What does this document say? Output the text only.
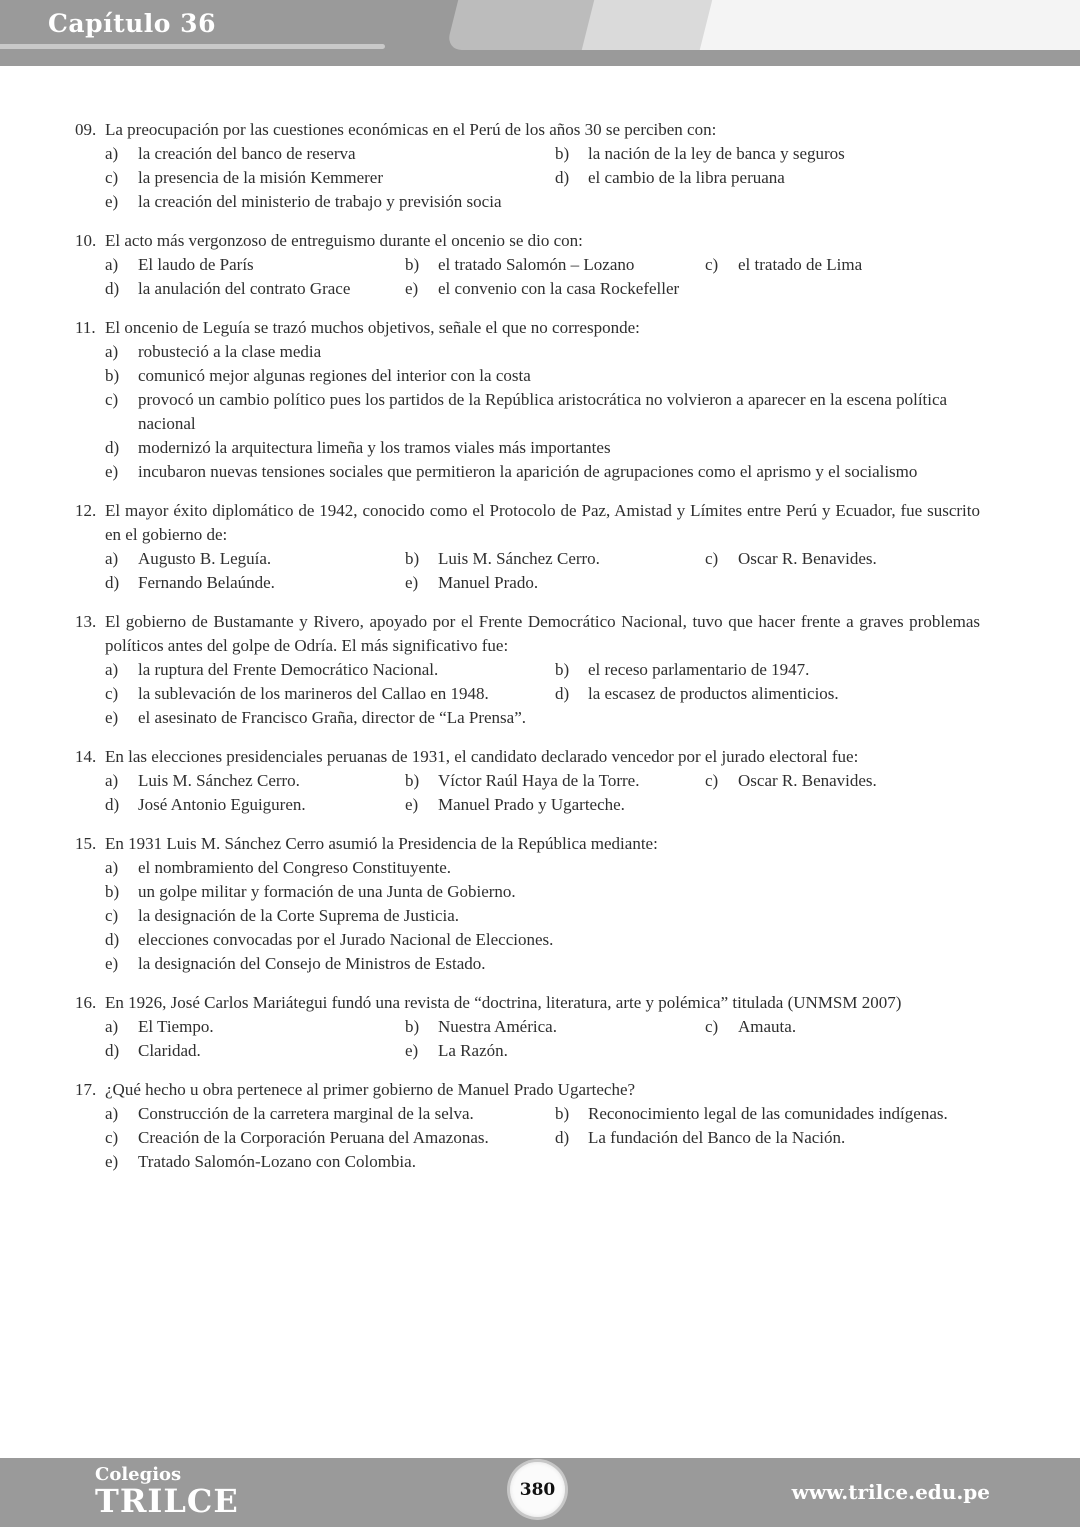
Capítulo 36
09. La preocupación por las cuestiones económicas en el Perú de los años 30 se perciben con:

a)	la creación del banco de reserva	b)	la nación de la ley de banca y seguros
c)	la presencia de la misión Kemmerer	d)	el cambio de la libra peruana
e)	la creación del ministerio de trabajo y previsión socia
10. El acto más vergonzoso de entreguismo durante el oncenio se dio con:

a)	El laudo de París	b)	el tratado Salomón – Lozano	c)	el tratado de Lima
d)	la anulación del contrato Grace	e)	el convenio con la casa Rockefeller
11. El oncenio de Leguía se trazó muchos objetivos, señale el que no corresponde:

a)	robusteció a la clase media
b)	comunicó mejor algunas regiones del interior con la costa
c)	provocó un cambio político pues los partidos de la República aristocrática no volvieron a aparecer en la escena política nacional
d)	modernizó la arquitectura limeña y los tramos viales más importantes
e)	incubaron nuevas tensiones sociales que permitieron la aparición de agrupaciones como el aprismo y el socialismo
12. El mayor éxito diplomático de 1942, conocido como el Protocolo de Paz, Amistad y Límites entre Perú y Ecuador, fue suscrito en el gobierno de:

a)	Augusto B. Leguía.	b)	Luis M. Sánchez Cerro.	c)	Oscar R. Benavides.
d)	Fernando Belaúnde.	e)	Manuel Prado.
13. El gobierno de Bustamante y Rivero, apoyado por el Frente Democrático Nacional, tuvo que hacer frente a graves problemas políticos antes del golpe de Odría. El más significativo fue:

a)	la ruptura del Frente Democrático Nacional.	b)	el receso parlamentario de 1947.
c)	la sublevación de los marineros del Callao en 1948.	d)	la escasez de productos alimenticios.
e)	el asesinato de Francisco Graña, director de “La Prensa”.
14. En las elecciones presidenciales peruanas de 1931, el candidato declarado vencedor por el jurado electoral fue:

a)	Luis M. Sánchez Cerro.	b)	Víctor Raúl Haya de la Torre.	c)	Oscar R. Benavides.
d)	José Antonio Eguiguren.	e)	Manuel Prado y Ugarteche.
15. En 1931 Luis M. Sánchez Cerro asumió la Presidencia de la República mediante:

a)	el nombramiento del Congreso Constituyente.
b)	un golpe militar y formación de una Junta de Gobierno.
c)	la designación de la Corte Suprema de Justicia.
d)	elecciones convocadas por el Jurado Nacional de Elecciones.
e)	la designación del Consejo de Ministros de Estado.
16. En 1926, José Carlos Mariátegui fundó una revista de “doctrina, literatura, arte y polémica” titulada (UNMSM 2007)

a)	El Tiempo.	b)	Nuestra América.	c)	Amauta.
d)	Claridad.	e)	La Razón.
17. ¿Qué hecho u obra pertenece al primer gobierno de Manuel Prado Ugarteche?

a)	Construcción de la carretera marginal de la selva.	b)	Reconocimiento legal de las comunidades indígenas.
c)	Creación de la Corporación Peruana del Amazonas.	d)	La fundación del Banco de la Nación.
e)	Tratado Salomón-Lozano con Colombia.
Colegios
TRILCE	380	www.trilce.edu.pe
